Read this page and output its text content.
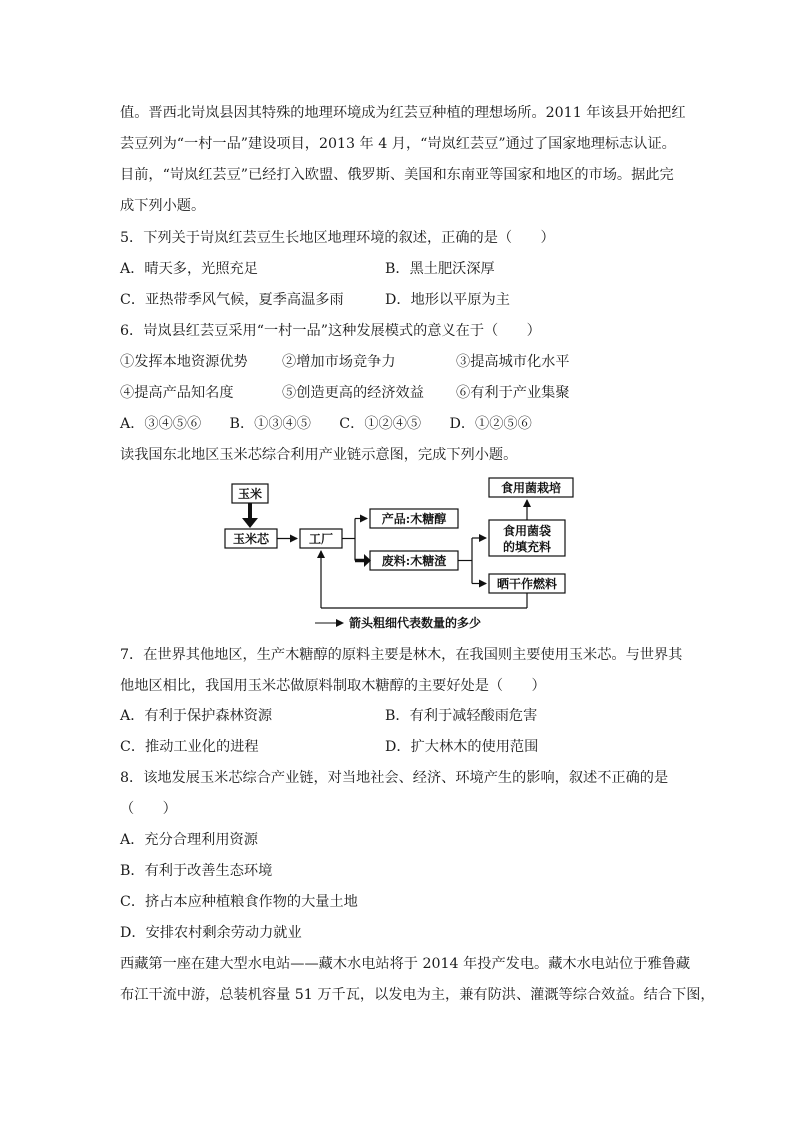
值。晋西北岢岚县因其特殊的地理环境成为红芸豆种植的理想场所。2011 年该县开始把红
芸豆列为“一村一品”建设项目，2013 年 4 月，“岢岚红芸豆”通过了国家地理标志认证。
目前，“岢岚红芸豆”已经打入欧盟、俄罗斯、美国和东南亚等国家和地区的市场。据此完
成下列小题。
5．下列关于岢岚红芸豆生长地区地理环境的叙述，正确的是（　　）
A．晴天多，光照充足	B．黑土肥沃深厚
C．亚热带季风气候，夏季高温多雨	D．地形以平原为主
6．岢岚县红芸豆采用“一村一品”这种发展模式的意义在于（　　）
①发挥本地资源优势 ②增加市场竞争力	③提高城市化水平
④提高产品知名度	⑤创造更高的经济效益 ⑥有利于产业集聚
A．③④⑤⑥　　B．①③④⑤　　C．①②④⑤　　D．①②⑤⑥
读我国东北地区玉米芯综合利用产业链示意图，完成下列小题。
玉米
玉米芯	工厂
产品:木糖醇
废料:木糖渣
食用菌栽培
食用菌袋
的填充料
晒干作燃料
箭头粗细代表数量的多少
7．在世界其他地区，生产木糖醇的原料主要是林木，在我国则主要使用玉米芯。与世界其
他地区相比，我国用玉米芯做原料制取木糖醇的主要好处是（　　）
A．有利于保护森林资源	B．有利于减轻酸雨危害
C．推动工业化的进程	D．扩大林木的使用范围
8．该地发展玉米芯综合产业链，对当地社会、经济、环境产生的影响，叙述不正确的是
（　　）
A．充分合理利用资源
B．有利于改善生态环境
C．挤占本应种植粮食作物的大量土地
D．安排农村剩余劳动力就业
西藏第一座在建大型水电站——藏木水电站将于 2014 年投产发电。藏木水电站位于雅鲁藏
布江干流中游，总装机容量 51 万千瓦，以发电为主，兼有防洪、灌溉等综合效益。结合下图，
